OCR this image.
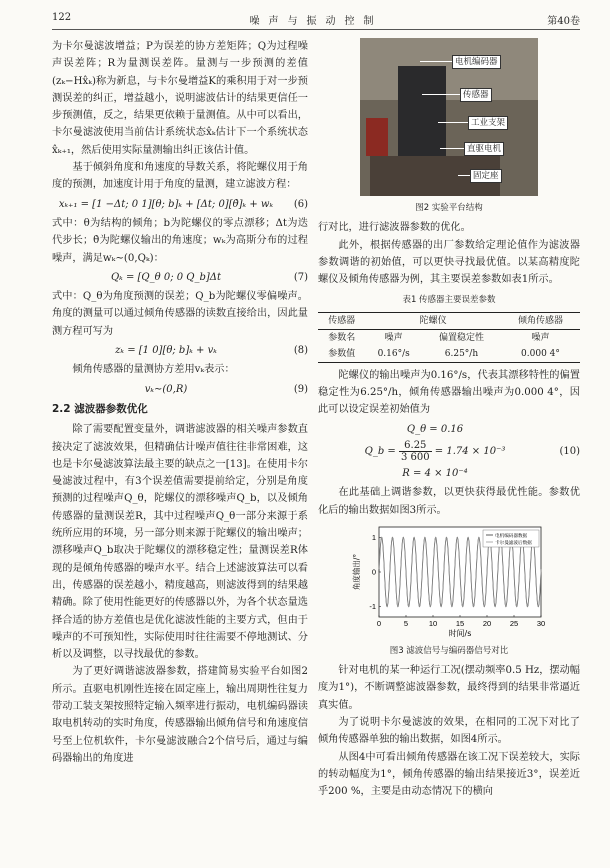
122	噪声与振动控制	第40卷

为卡尔曼滤波增益；P为误差的协方差矩阵；Q为过程噪声误差阵；R为量测误差阵。量测与一步预测的差值(zₖ−Hx̂ₖ)称为新息，与卡尔曼增益K的乘积用于对一步预测误差的纠正，增益越小，说明滤波估计的结果更信任一步预测值，反之，结果更依赖于量测值。从中可以看出，卡尔曼滤波使用当前估计系统状态x̂ₖ估计下一个系统状态x̂ₖ₊₁，然后使用实际量测输出纠正该估计值。

基于倾斜角度和角速度的导数关系，将陀螺仪用于角度的预测，加速度计用于角度的量测，建立滤波方程：

xₖ₊₁ = [1 −Δt; 0 1][θ; b]ₖ + [Δt; 0][θ̇]ₖ + wₖ	(6)

式中：θ为结构的倾角；b为陀螺仪的零点漂移；Δt为迭代步长；θ̇为陀螺仪输出的角速度；wₖ为高斯分布的过程噪声，满足wₖ∼(0,Qₖ)：

Qₖ = [Q_θ 0; 0 Q_b]Δt	(7)

式中：Q_θ为角度预测的误差；Q_b为陀螺仪零偏噪声。角度的测量可以通过倾角传感器的读数直接给出，因此量测方程可写为

zₖ = [1 0][θ; b]ₖ + vₖ	(8)

倾角传感器的量测协方差用vₖ表示：

vₖ∼(0,R)	(9)

2.2 滤波器参数优化

除了需要配置变量外，调谐滤波器的相关噪声参数直接决定了滤波效果，但精确估计噪声值往往非常困难，这也是卡尔曼滤波算法最主要的缺点之一[13]。在使用卡尔曼滤波过程中，有3个误差值需要提前给定，分别是角度预测的过程噪声Q_θ，陀螺仪的漂移噪声Q_b，以及倾角传感器的量测误差R，其中过程噪声Q_θ一部分来源于系统所应用的环境，另一部分则来源于陀螺仪的输出噪声；漂移噪声Q_b取决于陀螺仪的漂移稳定性；量测误差R体现的是倾角传感器的噪声水平。结合上述滤波算法可以看出，传感器的误差越小，精度越高，则滤波得到的结果越精确。除了使用性能更好的传感器以外，为各个状态量选择合适的协方差值也是优化滤波性能的主要方式，但由于噪声的不可预知性，实际使用时往往需要不停地测试、分析以及调整，以寻找最优的参数。

为了更好调谐滤波器参数，搭建简易实验平台如图2所示。直驱电机刚性连接在固定座上，输出周期性往复力带动工装支架按照特定输入频率进行振动，电机编码器读取电机转动的实时角度，传感器输出倾角信号和角速度信号至上位机软件，卡尔曼滤波融合2个信号后，通过与编码器输出的角度进

电机编码器
传感器
工业支架
直驱电机
固定座
图2 实验平台结构

行对比，进行滤波器参数的优化。

此外，根据传感器的出厂参数给定理论值作为滤波器参数调谐的初始值，可以更快寻找最优值。以某高精度陀螺仪及倾角传感器为例，其主要误差参数如表1所示。

表1 传感器主要误差参数
传感器	陀螺仪		倾角传感器
参数名	噪声	偏置稳定性	噪声
参数值	0.16°/s	6.25°/h	0.000 4°

陀螺仪的输出噪声为0.16°/s，代表其漂移特性的偏置稳定性为6.25°/h，倾角传感器输出噪声为0.000 4°，因此可以设定误差初始值为

Q_θ = 0.16
Q_b = $\frac{6.25}{3 600} = 1.74 \times 10^{-3}$	(10)
R = 4 × 10⁻⁴

在此基础上调谐参数，以更快获得最优性能。参数优化后的输出数据如图3所示。

0	5	10 15 20 25 30
-1
0
1
时间/s
角度输出/°
电机编码器数据
卡尔曼滤波后数据
图3 滤波信号与编码器信号对比

针对电机的某一种运行工况(摆动频率0.5 Hz，摆动幅度为1°)，不断调整滤波器参数，最终得到的结果非常逼近真实值。

为了说明卡尔曼滤波的效果，在相同的工况下对比了倾角传感器单独的输出数据，如图4所示。

从图4中可看出倾角传感器在该工况下误差较大，实际的转动幅度为1°，倾角传感器的输出结果接近3°，误差近乎200 %，主要是由动态情况下的横向
